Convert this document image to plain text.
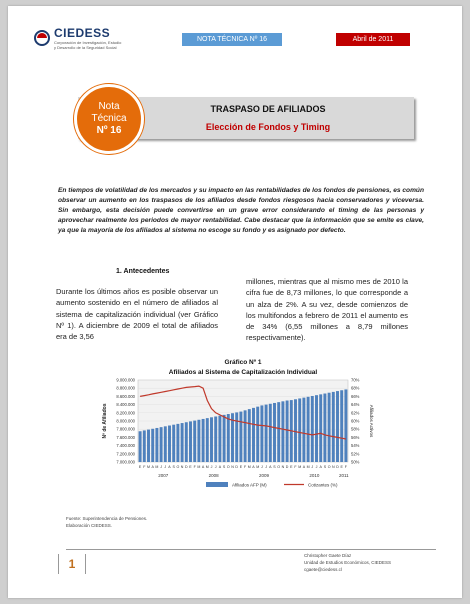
CIEDESS
Corporación de Investigación, Estudio y Desarrollo de la Seguridad Social
NOTA TÉCNICA Nº 16	Abril de 2011
TRASPASO DE AFILIADOS
Elección de Fondos y Timing
Nota
Técnica
Nº 16
En tiempos de volatilidad de los mercados y su impacto en las rentabilidades de los fondos de pensiones, es común observar un aumento en los traspasos de los afiliados desde fondos riesgosos hacia conservadores y viceversa. Sin embargo, esta decisión puede convertirse en un grave error considerando el timing de las personas y aprovechar realmente los periodos de mayor rentabilidad. Cabe destacar que la información que se emite es clave, ya que la mayoría de los afiliados al sistema no escoge su fondo y es asignado por defecto.
1. Antecedentes
Durante los últimos años es posible observar un aumento sostenido en el número de afiliados al sistema de capitalización individual (ver Gráfico Nº 1). A diciembre de 2009 el total de afiliados era de 3,56
millones, mientras que al mismo mes de 2010 la cifra fue de 8,73 millones, lo que corresponde a un alza de 2%. A su vez, desde comienzos de los multifondos a febrero de 2011 el aumento es de 34% (6,55 millones a 8,79 millones respectivamente).
Gráfico Nº 1
Afiliados al Sistema de Capitalización Individual
9.000.000
8.800.000
8.600.000
8.400.000
8.200.000
8.000.000
7.800.000
7.600.000
7.400.000
7.200.000
7.000.000
70%
68%
66%
64%
62%
60%
58%
56%
54%
52%
50%
E F M A M J J A S O N D E F M A M J J A S O N D E F M A M J J A S O N D E F M A M J J A S O N D E F
2007	2008	2009	2010	2011
Nº de Afiliados	Afiliados Activos
Afiliados AFP (M)	Cotizantes (%)
Fuente: Superintendencia de Pensiones.
Elaboración CIEDESS.
1
Christopher Gaete Díaz
Unidad de Estudios Económicos, CIEDESS
cgaete@ciedess.cl
